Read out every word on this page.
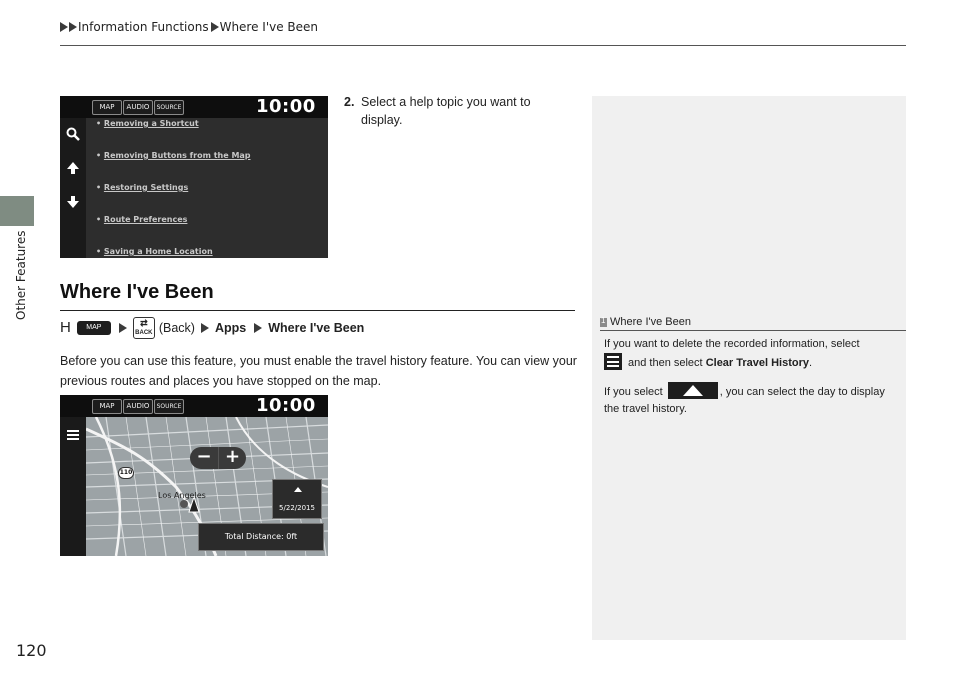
Information Functions Where I've Been
Other Features
MAP	AUDIO	SOURCE	10:00
• Removing a Shortcut
• Removing Buttons from the Map
• Restoring Settings
• Route Preferences
• Saving a Home Location
2. Select a help topic you want to display.
Where I've Been
H	MAP	⇄
BACK (Back) Apps Where I've Been
Before you can use this feature, you must enable the travel history feature. You can view your previous routes and places you have stopped on the map.
MAP	AUDIO	SOURCE	10:00
110
Los Angeles
− +
5/22/2015
Total Distance: 0ft
1
Where I've Been
If you want to delete the recorded information, select

and then select Clear Travel History.
If you select	, you can select the day to display the travel history.
120
